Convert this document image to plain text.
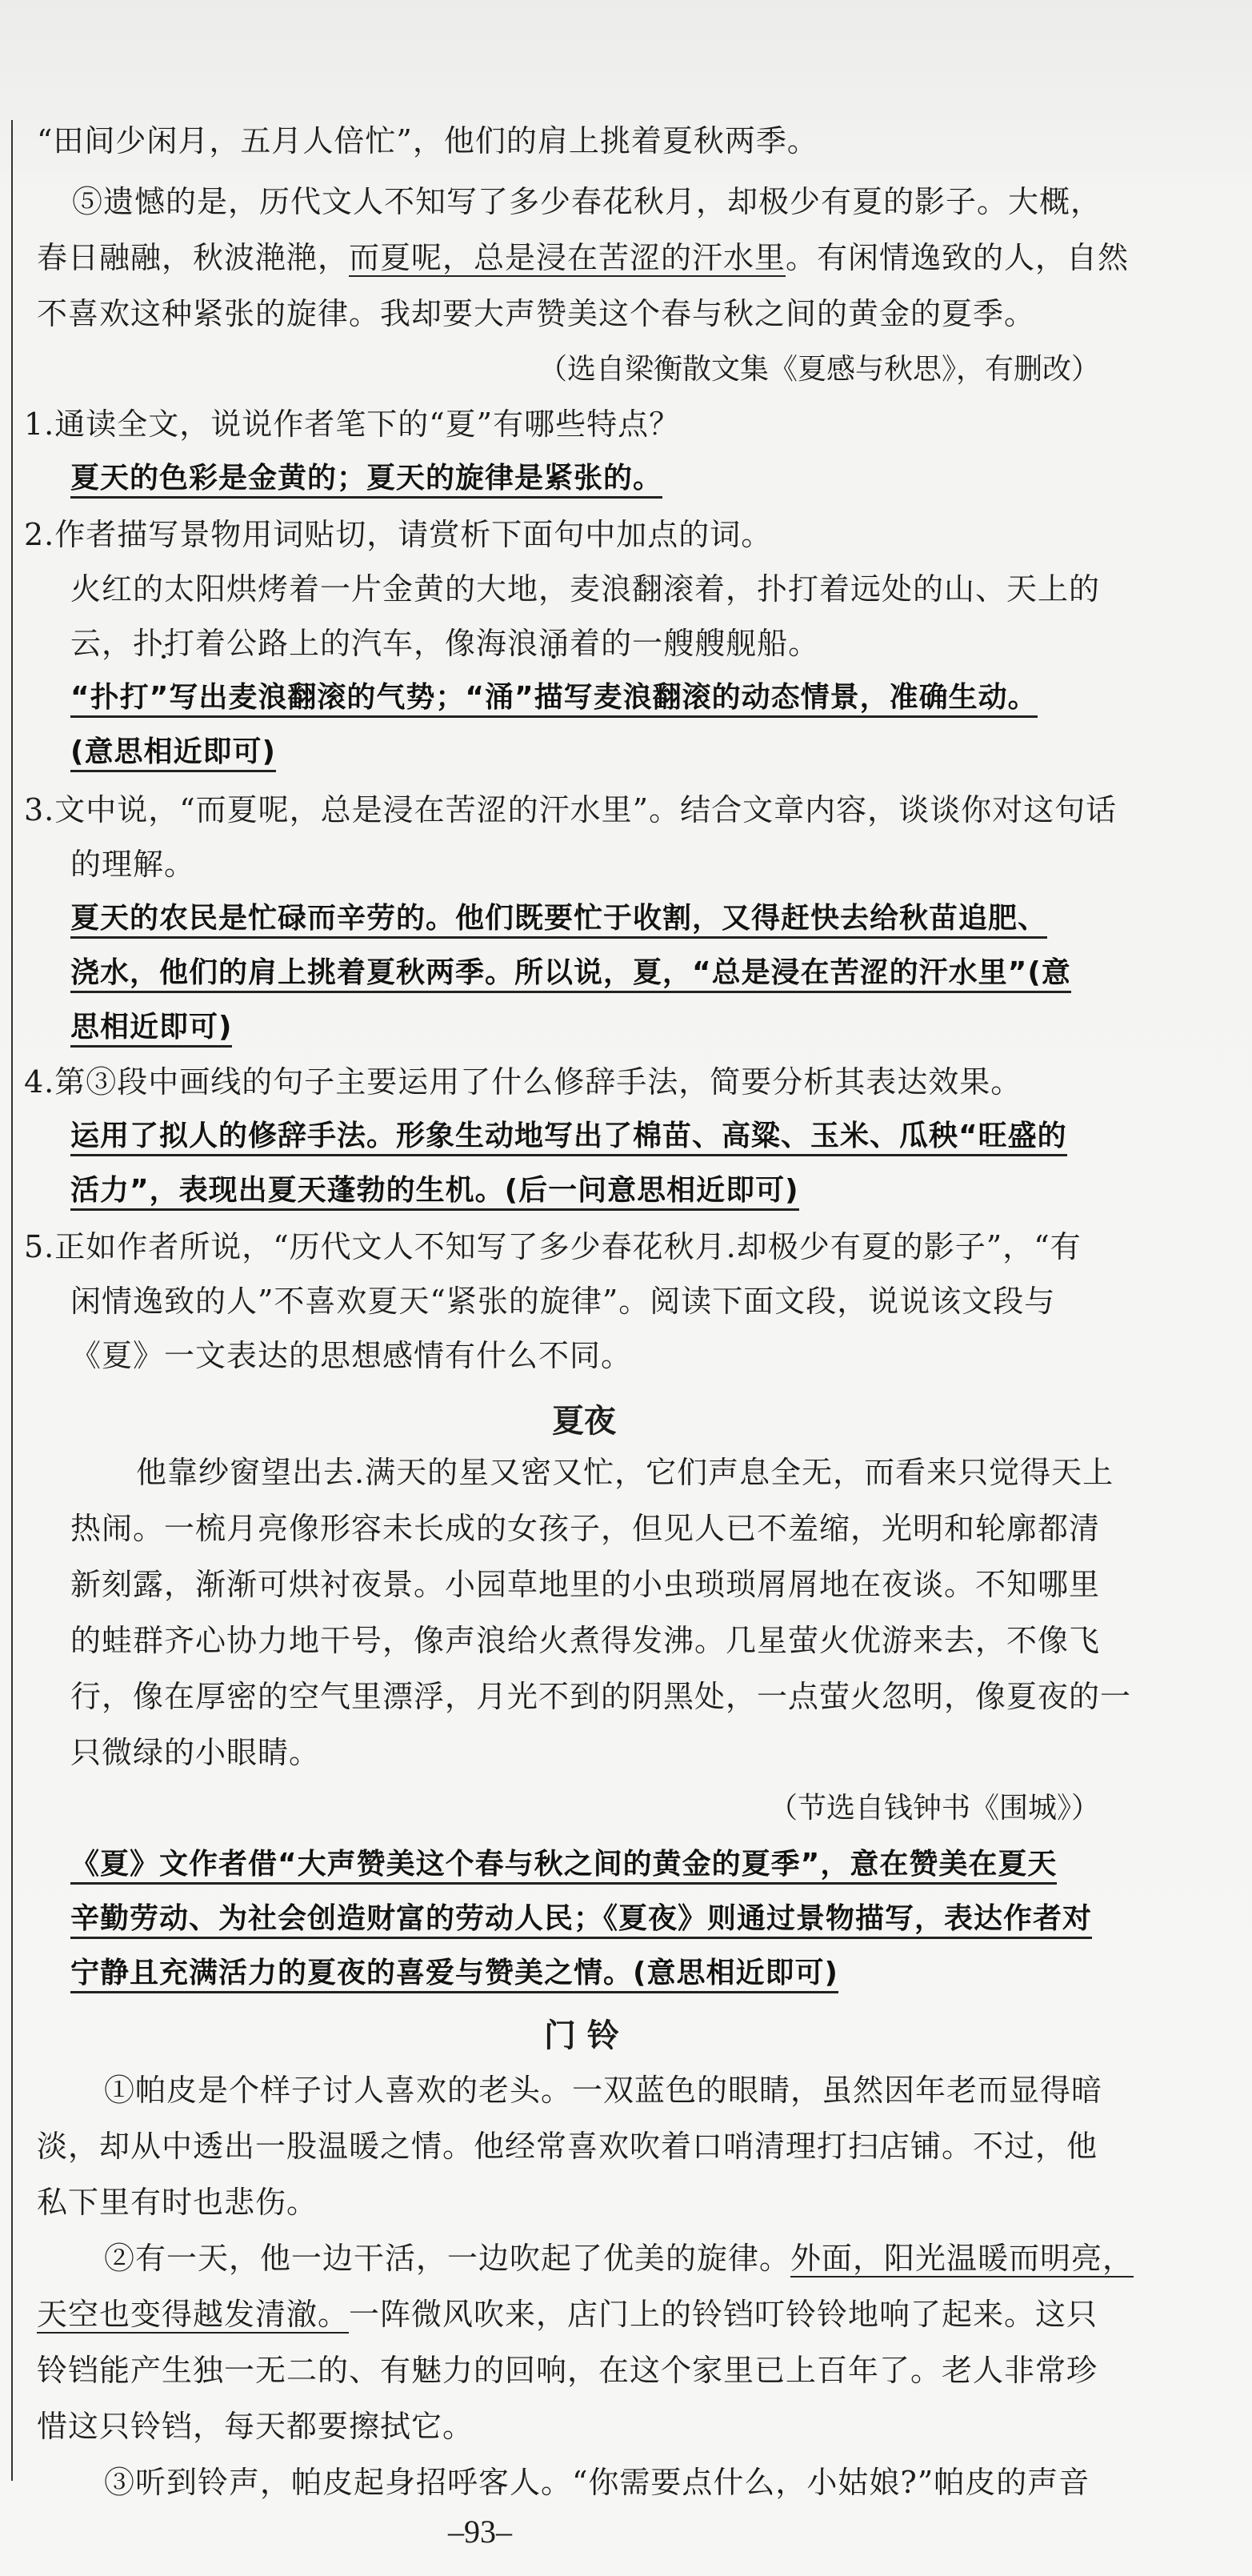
“田间少闲月，五月人倍忙”，他们的肩上挑着夏秋两季。
⑤遗憾的是，历代文人不知写了多少春花秋月，却极少有夏的影子。大概，
春日融融，秋波滟滟，而夏呢，总是浸在苦涩的汗水里。有闲情逸致的人，自然
不喜欢这种紧张的旋律。我却要大声赞美这个春与秋之间的黄金的夏季。
（选自梁衡散文集《夏感与秋思》，有删改）
1.通读全文，说说作者笔下的“夏”有哪些特点？
夏天的色彩是金黄的；夏天的旋律是紧张的。
2.作者描写景物用词贴切，请赏析下面句中加点的词。
火红的太阳烘烤着一片金黄的大地，麦浪翻滚着，扑打着远处的山、天上的
云，扑打着公路上的汽车，像海浪涌着的一艘艘舰船。
“扑打”写出麦浪翻滚的气势；“涌”描写麦浪翻滚的动态情景，准确生动。
(意思相近即可)
3.文中说，“而夏呢，总是浸在苦涩的汗水里”。结合文章内容，谈谈你对这句话
的理解。
夏天的农民是忙碌而辛劳的。他们既要忙于收割，又得赶快去给秋苗追肥、
浇水，他们的肩上挑着夏秋两季。所以说，夏，“总是浸在苦涩的汗水里”(意
思相近即可)
4.第③段中画线的句子主要运用了什么修辞手法，简要分析其表达效果。
运用了拟人的修辞手法。形象生动地写出了棉苗、高粱、玉米、瓜秧“旺盛的
活力”，表现出夏天蓬勃的生机。(后一问意思相近即可)
5.正如作者所说，“历代文人不知写了多少春花秋月.却极少有夏的影子”，“有
闲情逸致的人”不喜欢夏天“紧张的旋律”。阅读下面文段，说说该文段与
《夏》一文表达的思想感情有什么不同。
夏夜
他靠纱窗望出去.满天的星又密又忙，它们声息全无，而看来只觉得天上
热闹。一梳月亮像形容未长成的女孩子，但见人已不羞缩，光明和轮廓都清
新刻露，渐渐可烘衬夜景。小园草地里的小虫琐琐屑屑地在夜谈。不知哪里
的蛙群齐心协力地干号，像声浪给火煮得发沸。几星萤火优游来去，不像飞
行，像在厚密的空气里漂浮，月光不到的阴黑处，一点萤火忽明，像夏夜的一
只微绿的小眼睛。
（节选自钱钟书《围城》）
《夏》文作者借“大声赞美这个春与秋之间的黄金的夏季”，意在赞美在夏天
辛勤劳动、为社会创造财富的劳动人民；《夏夜》则通过景物描写，表达作者对
宁静且充满活力的夏夜的喜爱与赞美之情。(意思相近即可)
门 铃
①帕皮是个样子讨人喜欢的老头。一双蓝色的眼睛，虽然因年老而显得暗
淡，却从中透出一股温暖之情。他经常喜欢吹着口哨清理打扫店铺。不过，他
私下里有时也悲伤。
②有一天，他一边干活，一边吹起了优美的旋律。外面，阳光温暖而明亮，
天空也变得越发清澈。一阵微风吹来，店门上的铃铛叮铃铃地响了起来。这只
铃铛能产生独一无二的、有魅力的回响，在这个家里已上百年了。老人非常珍
惜这只铃铛，每天都要擦拭它。
③听到铃声，帕皮起身招呼客人。“你需要点什么，小姑娘?”帕皮的声音
–93–
